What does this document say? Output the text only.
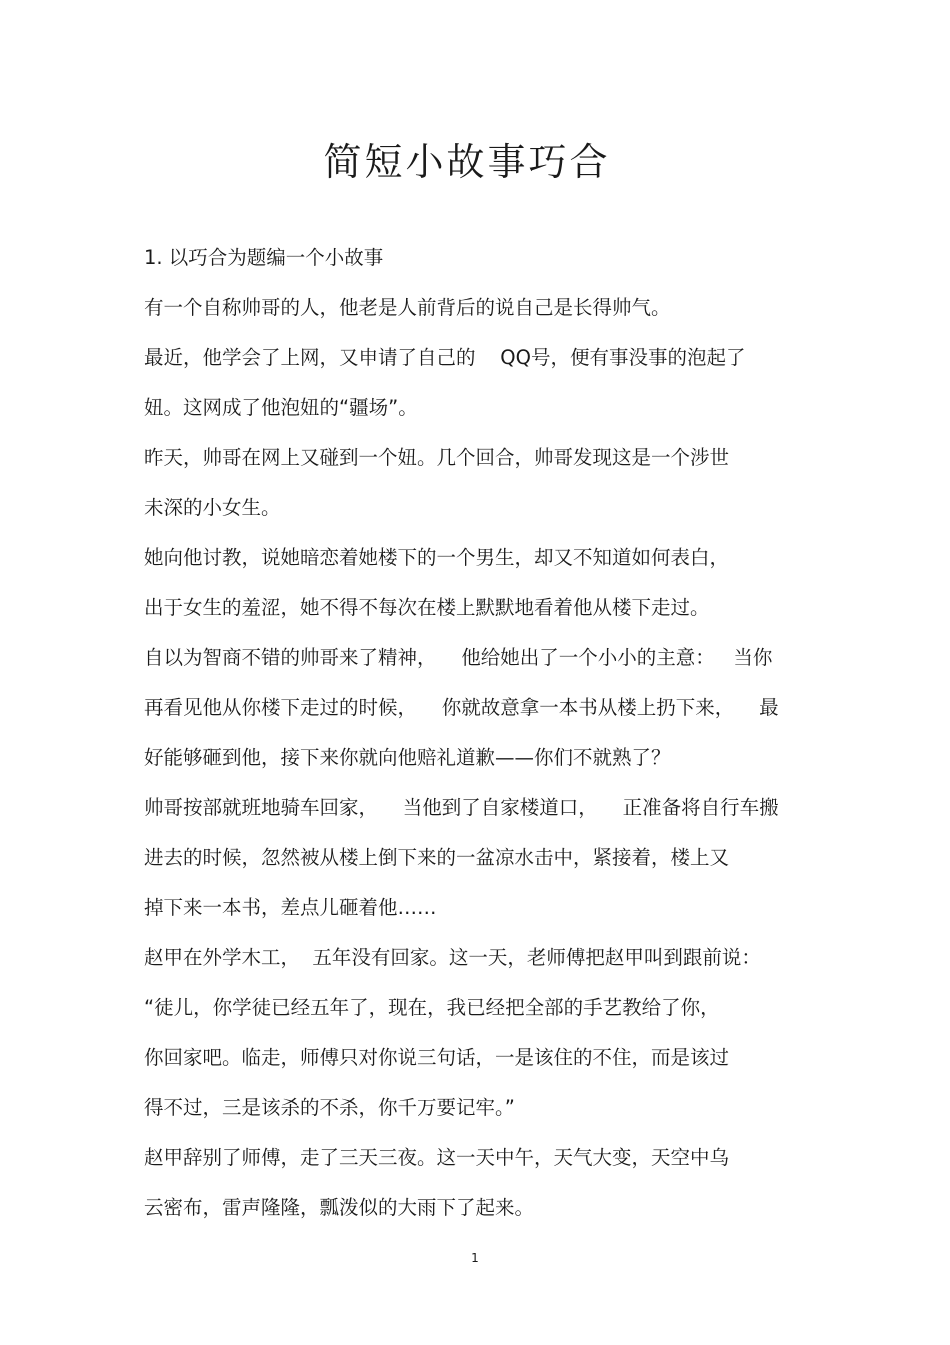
简短小故事巧合

1. 以巧合为题编一个小故事

有一个自称帅哥的人，他老是人前背后的说自己是长得帅气。

最近，他学会了上网，又申请了自己的    QQ号，便有事没事的泡起了

妞。这网成了他泡妞的“疆场”。

昨天，帅哥在网上又碰到一个妞。几个回合，帅哥发现这是一个涉世

未深的小女生。

她向他讨教，说她暗恋着她楼下的一个男生，却又不知道如何表白，

出于女生的羞涩，她不得不每次在楼上默默地看着他从楼下走过。

自以为智商不错的帅哥来了精神，    他给她出了一个小小的主意：   当你

再看见他从你楼下走过的时候，    你就故意拿一本书从楼上扔下来，    最

好能够砸到他，接下来你就向他赔礼道歉——你们不就熟了？

帅哥按部就班地骑车回家，    当他到了自家楼道口，    正准备将自行车搬

进去的时候，忽然被从楼上倒下来的一盆凉水击中，紧接着，楼上又

掉下来一本书，差点儿砸着他……

赵甲在外学木工，  五年没有回家。这一天，老师傅把赵甲叫到跟前说：

“徒儿，你学徒已经五年了，现在，我已经把全部的手艺教给了你，

你回家吧。临走，师傅只对你说三句话，一是该住的不住，而是该过

得不过，三是该杀的不杀，你千万要记牢。”

赵甲辞别了师傅，走了三天三夜。这一天中午，天气大变，天空中乌

云密布，雷声隆隆，瓢泼似的大雨下了起来。

1
